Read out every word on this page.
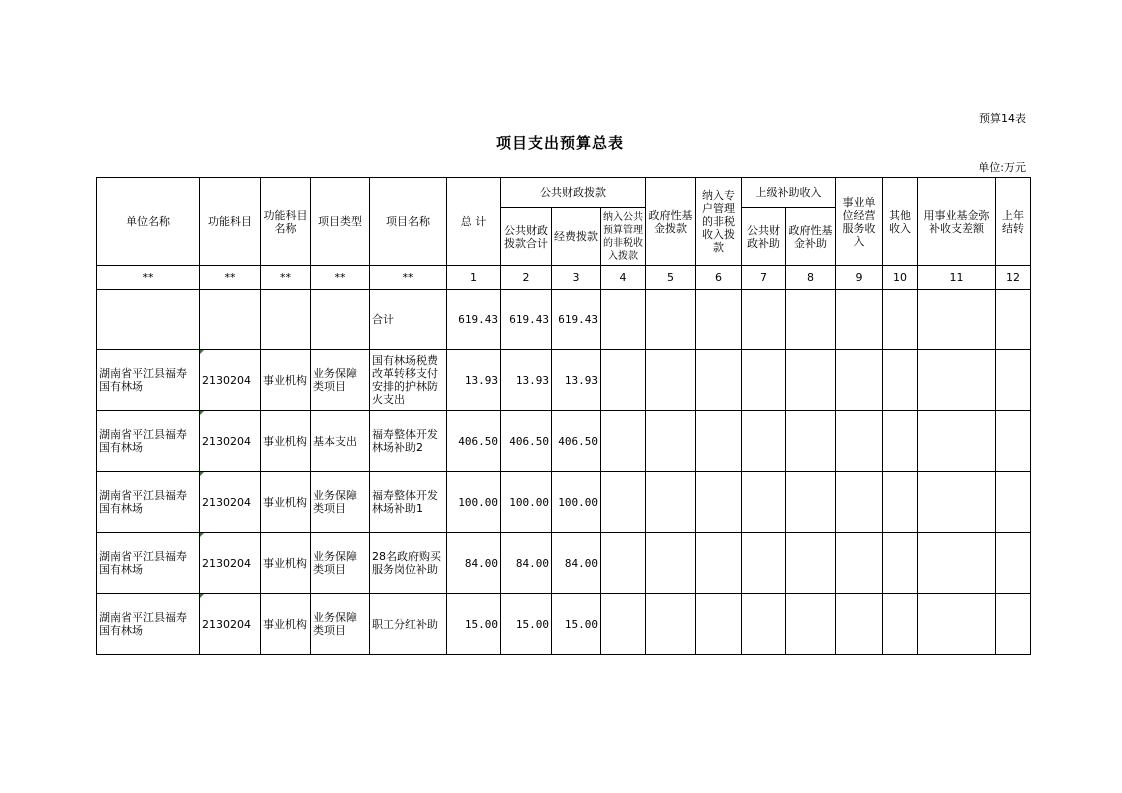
预算14表
项目支出预算总表
单位:万元
单位名称	功能科目	功能科目名称	项目类型	项目名称	总 计	公共财政拨款			政府性基金拨款	纳入专户管理的非税收入拨款	上级补助收入		事业单位经营服务收入	其他收入	用事业基金弥补收支差额	上年结转
						公共财政拨款合计	经费拨款	纳入公共预算管理的非税收入拨款			公共财政补助	政府性基金补助				
**	**	**	**	**	1	2	3	4	5	6	7	8	9	10	11	12
				合计	619.43	619.43	619.43									
湖南省平江县福寿国有林场	2130204	事业机构	业务保障类项目	国有林场税费改革转移支付安排的护林防火支出	13.93	13.93	13.93									
湖南省平江县福寿国有林场	2130204	事业机构	基本支出	福寿整体开发林场补助2	406.50	406.50	406.50									
湖南省平江县福寿国有林场	2130204	事业机构	业务保障类项目	福寿整体开发林场补助1	100.00	100.00	100.00									
湖南省平江县福寿国有林场	2130204	事业机构	业务保障类项目	28名政府购买服务岗位补助	84.00	84.00	84.00									
湖南省平江县福寿国有林场	2130204	事业机构	业务保障类项目	职工分红补助	15.00	15.00	15.00									
